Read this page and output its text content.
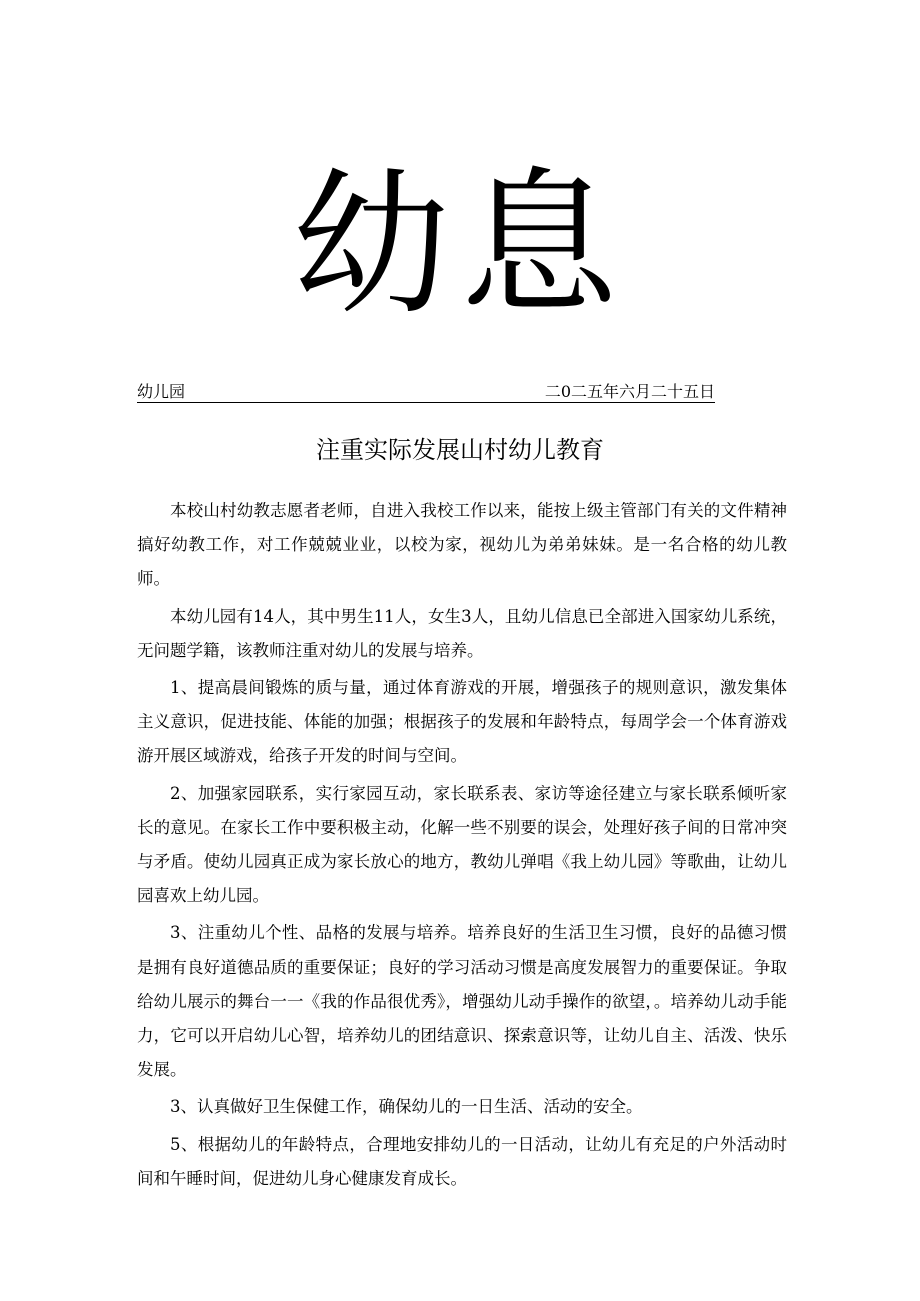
幼息
幼儿园	二0二五年六月二十五日
注重实际发展山村幼儿教育

本校山村幼教志愿者老师，自进入我校工作以来，能按上级主管部门有关的文件精神搞好幼教工作，对工作兢兢业业，以校为家，视幼儿为弟弟妹妹。是一名合格的幼儿教师。

本幼儿园有14人，其中男生11人，女生3人，且幼儿信息已全部进入国家幼儿系统，无问题学籍，该教师注重对幼儿的发展与培养。

1、提高晨间锻炼的质与量，通过体育游戏的开展，增强孩子的规则意识，激发集体主义意识，促进技能、体能的加强；根据孩子的发展和年龄特点，每周学会一个体育游戏游开展区域游戏，给孩子开发的时间与空间。

2、加强家园联系，实行家园互动，家长联系表、家访等途径建立与家长联系倾听家长的意见。在家长工作中要积极主动，化解一些不别要的误会，处理好孩子间的日常冲突与矛盾。使幼儿园真正成为家长放心的地方，教幼儿弹唱《我上幼儿园》等歌曲，让幼儿园喜欢上幼儿园。

3、注重幼儿个性、品格的发展与培养。培养良好的生活卫生习惯，良好的品德习惯是拥有良好道德品质的重要保证；良好的学习活动习惯是高度发展智力的重要保证。争取给幼儿展示的舞台一一《我的作品很优秀》，增强幼儿动手操作的欲望，。培养幼儿动手能力，它可以开启幼儿心智，培养幼儿的团结意识、探索意识等，让幼儿自主、活泼、快乐发展。

3、认真做好卫生保健工作，确保幼儿的一日生活、活动的安全。

5、根据幼儿的年龄特点，合理地安排幼儿的一日活动，让幼儿有充足的户外活动时间和午睡时间，促进幼儿身心健康发育成长。
